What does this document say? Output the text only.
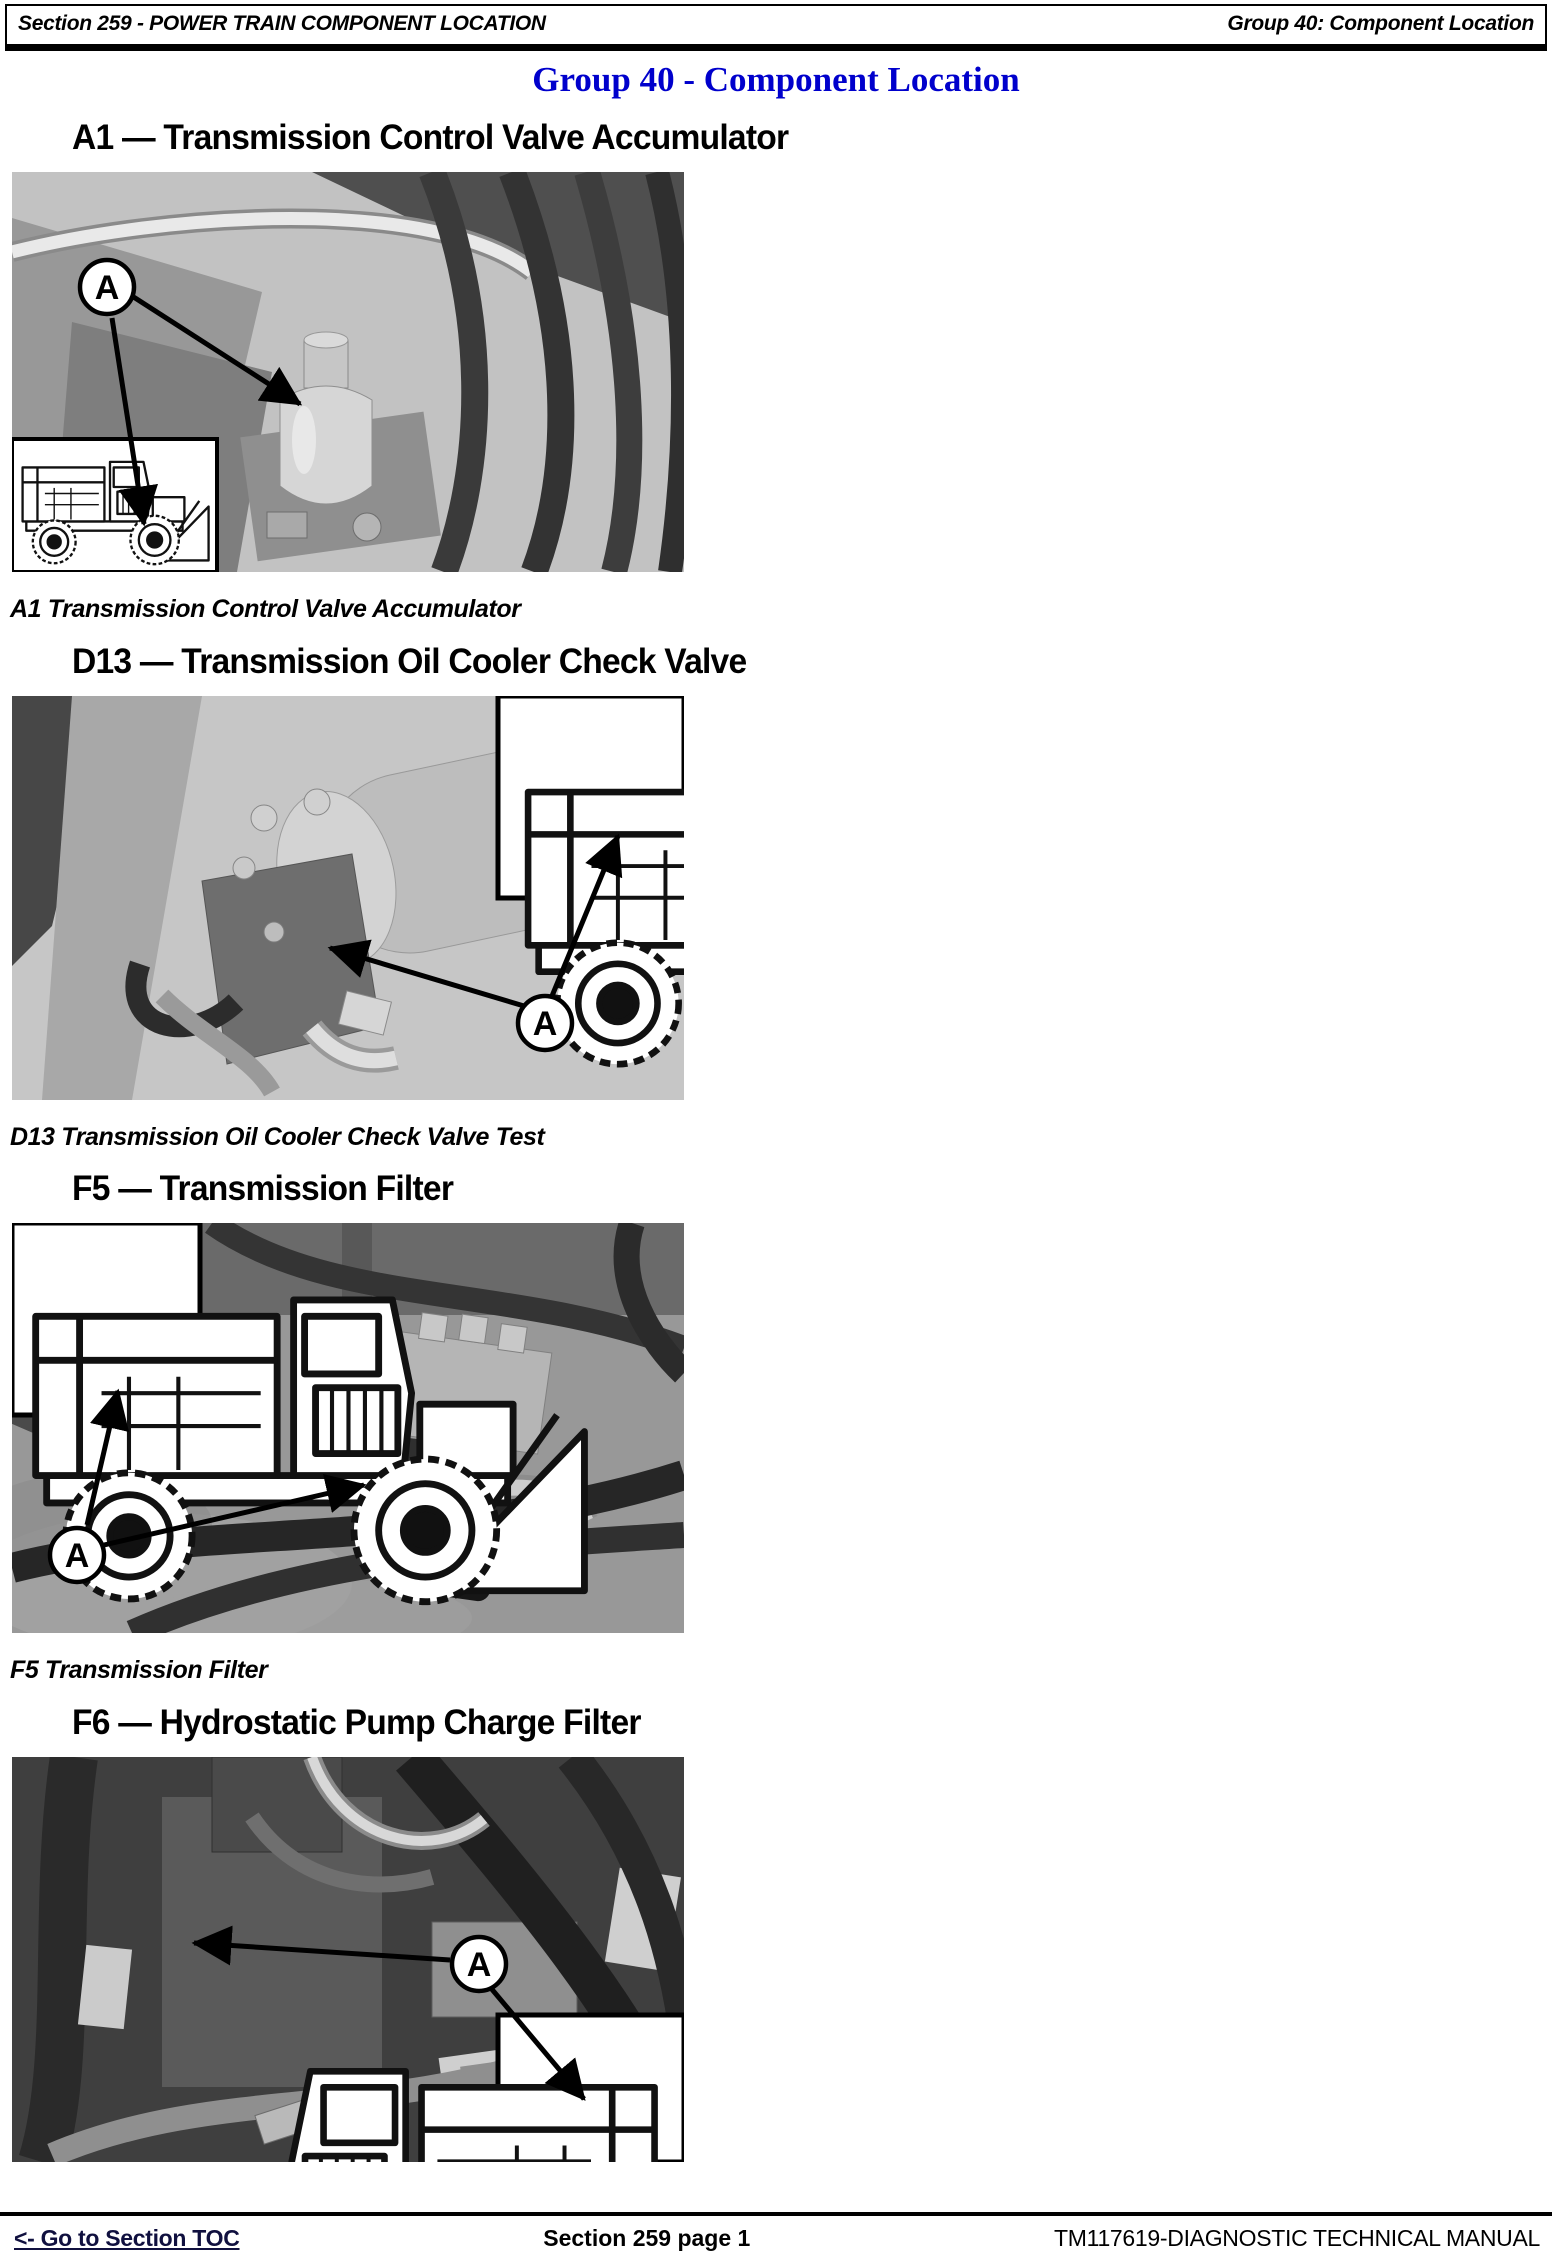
Section 259 - POWER TRAIN COMPONENT LOCATION	Group 40: Component Location
Group 40 - Component Location
A1 — Transmission Control Valve Accumulator
A
A1 Transmission Control Valve Accumulator
D13 — Transmission Oil Cooler Check Valve
A
D13 Transmission Oil Cooler Check Valve Test
F5 — Transmission Filter
A
F5 Transmission Filter
F6 — Hydrostatic Pump Charge Filter
A
<- Go to Section TOC	Section 259 page 1	TM117619-DIAGNOSTIC TECHNICAL MANUAL
